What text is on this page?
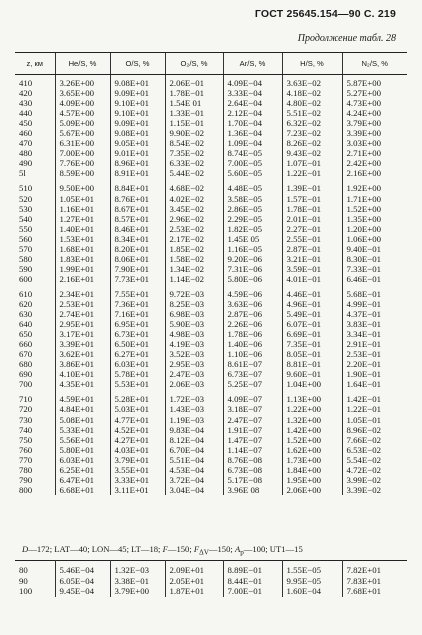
ГОСТ 25645.154—90 С. 219
Продолжение табл. 28
z, км	He/S, %	O/S, %	O₂/S, %	Ar/S, %	H/S, %	N₂/S, %
410	3.26E+00	9.08E+01	2.06E−01	4.09E−04	3.63E−02	5.87E+00
420	3.65E+00	9.09E+01	1.78E−01	3.33E−04	4.18E−02	5.27E+00
430	4.09E+00	9.10E+01	1.54E 01	2.64E−04	4.80E−02	4.73E+00
440	4.57E+00	9.10E+01	1.33E−01	2.12E−04	5.51E−02	4.24E+00
450	5.09E+00	9.09E+01	1.15E−01	1.70E−04	6.32E−02	3.79E+00
460	5.67E+00	9.08E+01	9.90E−02	1.36E−04	7.23E−02	3.39E+00
470	6.31E+00	9.05E+01	8.54E−02	1.09E−04	8.26E−02	3.03E+00
480	7.00E+00	9.01E+01	7.35E−02	8.74E−05	9.43E−02	2.71E+00
490	7.76E+00	8.96E+01	6.33E−02	7.00E−05	1.07E−01	2.42E+00
5l	8.59E+00	8.91E+01	5.44E−02	5.60E−05	1.22E−01	2.16E+00

510	9.50E+00	8.84E+01	4.68E−02	4.48E−05	1.39E−01	1.92E+00
520	1.05E+01	8.76E+01	4.02E−02	3.58E−05	1.57E−01	1.71E+00
530	1.16E+01	8.67E+01	3.45E−02	2.86E−05	1.78E−01	1.52E+00
540	1.27E+01	8.57E+01	2.96E−02	2.29E−05	2.01E−01	1.35E+00
550	1.40E+01	8.46E+01	2.53E−02	1.82E−05	2.27E−01	1.20E+00
560	1.53E+01	8.34E+01	2.17E−02	1.45E 05	2.55E−01	1.06E+00
570	1.68E+01	8.20E+01	1.85E−02	1.16E−05	2.87E−01	9.40E−01
580	1.83E+01	8.06E+01	1.58E−02	9.20E−06	3.21E−01	8.30E−01
590	1.99E+01	7.90E+01	1.34E−02	7.31E−06	3.59E−01	7.33E−01
600	2.16E+01	7.73E+01	1.14E−02	5.80E−06	4.01E−01	6.46E−01

610	2.34E+01	7.55E+01	9.72E−03	4.59E−06	4.46E−01	5.68E−01
620	2.53E+01	7.36E+01	8.25E−03	3.63E−06	4.96E−01	4.99E−01
630	2.74E+01	7.16E+01	6.98E−03	2.87E−06	5.49E−01	4.37E−01
640	2.95E+01	6.95E+01	5.90E−03	2.26E−06	6.07E−01	3.83E−01
650	3.17E+01	6.73E+01	4.98E−03	1.78E−06	6.69E−01	3.34E−01
660	3.39E+01	6.50E+01	4.19E−03	1.40E−06	7.35E−01	2.91E−01
670	3.62E+01	6.27E+01	3.52E−03	1.10E−06	8.05E−01	2.53E−01
680	3.86E+01	6.03E+01	2.95E−03	8.61E−07	8.81E−01	2.20E−01
690	4.10E+01	5.78E+01	2.47E−03	6.73E−07	9.60E−01	1.90E−01
700	4.35E+01	5.53E+01	2.06E−03	5.25E−07	1.04E+00	1.64E−01

710	4.59E+01	5.28E+01	1.72E−03	4.09E−07	1.13E+00	1.42E−01
720	4.84E+01	5.03E+01	1.43E−03	3.18E−07	1.22E+00	1.22E−01
730	5.08E+01	4.77E+01	1.19E−03	2.47E−07	1.32E+00	1.05E−01
740	5.33E+01	4.52E+01	9.83E−04	1.91E−07	1.42E+00	8.96E−02
750	5.56E+01	4.27E+01	8.12E−04	1.47E−07	1.52E+00	7.66E−02
760	5.80E+01	4.03E+01	6.70E−04	1.14E−07	1.62E+00	6.53E−02
770	6.03E+01	3.79E+01	5.51E−04	8.76E−08	1.73E+00	5.54E−02
780	6.25E+01	3.55E+01	4.53E−04	6.73E−08	1.84E+00	4.72E−02
790	6.47E+01	3.33E+01	3.72E−04	5.17E−08	1.95E+00	3.99E−02
800	6.68E+01	3.11E+01	3.04E−04	3.96E 08	2.06E+00	3.39E−02
D—172; LAT—40; LON—45; LT—18; F—150; $F_{\Delta V}—150$; $A_p—100$; UT1—15
80	5.46E−04	1.32E−03	2.09E+01	8.89E−01	1.55E−05	7.82E+01
90	6.05E−04	3.38E−01	2.05E+01	8.44E−01	9.95E−05	7.83E+01
100	9.45E−04	3.79E+00	1.87E+01	7.00E−01	1.60E−04	7.68E+01
